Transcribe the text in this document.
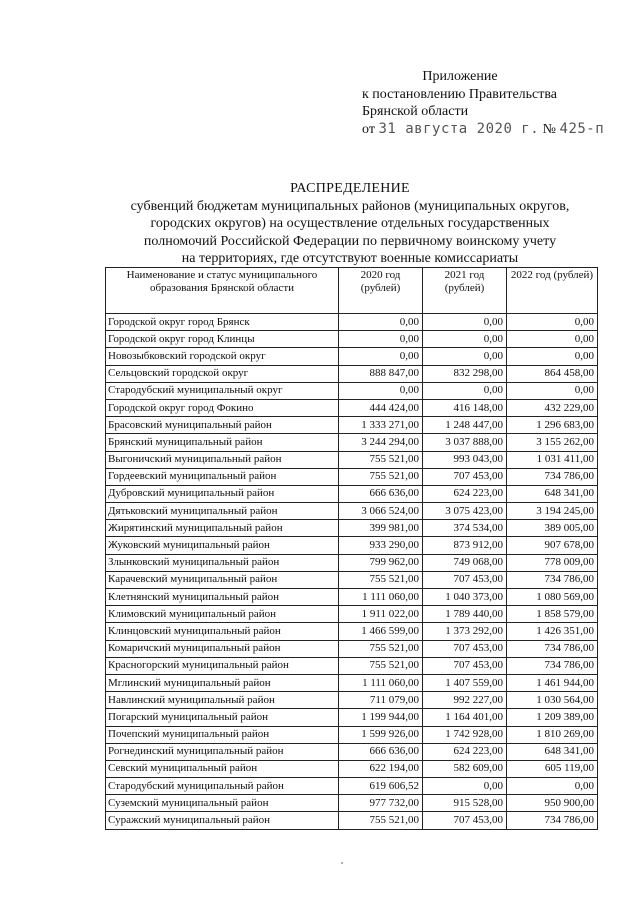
Приложение
к постановлению Правительства
Брянской области
от 31 августа 2020 г. № 425-п
РАСПРЕДЕЛЕНИЕ
субвенций бюджетам муниципальных районов (муниципальных округов,
городских округов) на осуществление отдельных государственных
полномочий Российской Федерации по первичному воинскому учету
на территориях, где отсутствуют военные комиссариаты
Наименование и статус муниципального образования Брянской области	2020 год (рублей)	2021 год (рублей)	2022 год (рублей)
Городской округ город Брянск	0,00	0,00	0,00
Городской округ город Клинцы	0,00	0,00	0,00
Новозыбковский городской округ	0,00	0,00	0,00
Сельцовский городской округ	888 847,00	832 298,00	864 458,00
Стародубский муниципальный округ	0,00	0,00	0,00
Городской округ город Фокино	444 424,00	416 148,00	432 229,00
Брасовский муниципальный район	1 333 271,00	1 248 447,00	1 296 683,00
Брянский муниципальный район	3 244 294,00	3 037 888,00	3 155 262,00
Выгоничский муниципальный район	755 521,00	993 043,00	1 031 411,00
Гордеевский муниципальный район	755 521,00	707 453,00	734 786,00
Дубровский муниципальный район	666 636,00	624 223,00	648 341,00
Дятьковский муниципальный район	3 066 524,00	3 075 423,00	3 194 245,00
Жирятинский муниципальный район	399 981,00	374 534,00	389 005,00
Жуковский муниципальный район	933 290,00	873 912,00	907 678,00
Злынковский муниципальный район	799 962,00	749 068,00	778 009,00
Карачевский муниципальный район	755 521,00	707 453,00	734 786,00
Клетнянский муниципальный район	1 111 060,00	1 040 373,00	1 080 569,00
Климовский муниципальный район	1 911 022,00	1 789 440,00	1 858 579,00
Клинцовский муниципальный район	1 466 599,00	1 373 292,00	1 426 351,00
Комаричский муниципальный район	755 521,00	707 453,00	734 786,00
Красногорский муниципальный район	755 521,00	707 453,00	734 786,00
Мглинский муниципальный район	1 111 060,00	1 407 559,00	1 461 944,00
Навлинский муниципальный район	711 079,00	992 227,00	1 030 564,00
Погарский муниципальный район	1 199 944,00	1 164 401,00	1 209 389,00
Почепский муниципальный район	1 599 926,00	1 742 928,00	1 810 269,00
Рогнединский муниципальный район	666 636,00	624 223,00	648 341,00
Севский муниципальный район	622 194,00	582 609,00	605 119,00
Стародубский муниципальный район	619 606,52	0,00	0,00
Суземский муниципальный район	977 732,00	915 528,00	950 900,00
Суражский муниципальный район	755 521,00	707 453,00	734 786,00
